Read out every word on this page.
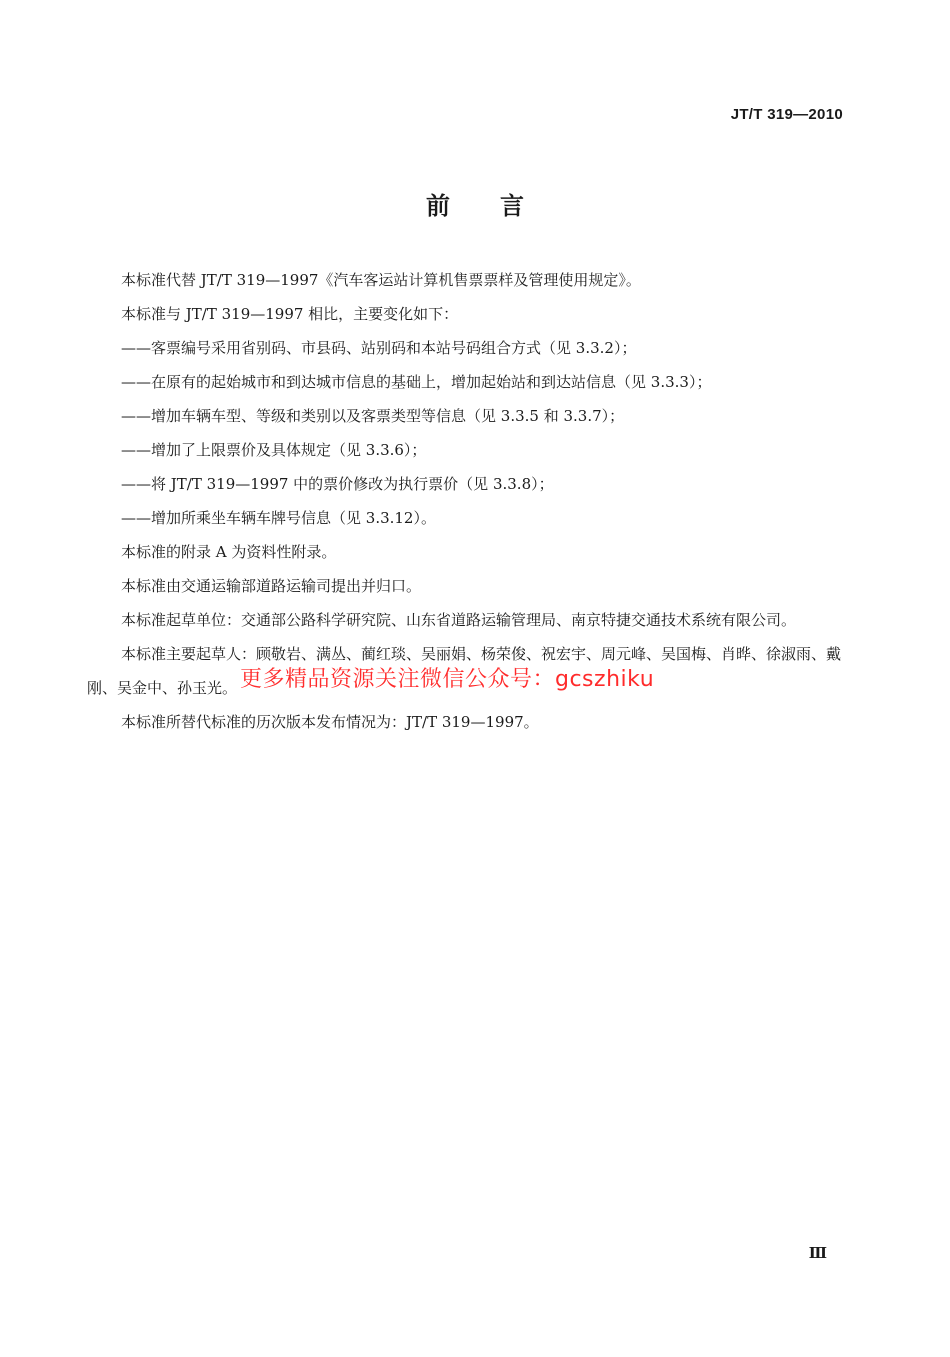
JT/T 319—2010
前 言

本标准代替 JT/T 319—1997《汽车客运站计算机售票票样及管理使用规定》。

本标准与 JT/T 319—1997 相比，主要变化如下：

——客票编号采用省别码、市县码、站别码和本站号码组合方式（见 3.3.2）；

——在原有的起始城市和到达城市信息的基础上，增加起始站和到达站信息（见 3.3.3）；

——增加车辆车型、等级和类别以及客票类型等信息（见 3.3.5 和 3.3.7）；

——增加了上限票价及具体规定（见 3.3.6）；

——将 JT/T 319—1997 中的票价修改为执行票价（见 3.3.8）；

——增加所乘坐车辆车牌号信息（见 3.3.12）。

本标准的附录 A 为资料性附录。

本标准由交通运输部道路运输司提出并归口。

本标准起草单位：交通部公路科学研究院、山东省道路运输管理局、南京特捷交通技术系统有限公司。

本标准主要起草人：顾敬岩、满丛、蔺红琰、吴丽娟、杨荣俊、祝宏宇、周元峰、吴国梅、肖晔、徐淑雨、戴刚、吴金中、孙玉光。

本标准所替代标准的历次版本发布情况为：JT/T 319—1997。

更多精品资源关注微信公众号：gcszhiku
Ⅲ
